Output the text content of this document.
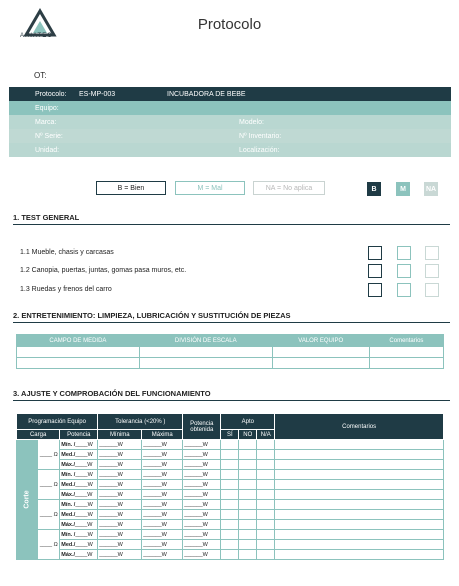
AINATEC
Protocolo
OT:
Protocolo: ES-MP-003	INCUBADORA DE BEBE
Equipo:
Marca:	Modelo:
Nº Serie:	Nº Inventario:
Unidad:	Localización:
B = Bien	M = Mal	NA = No aplica	B	M	NA
1. TEST GENERAL
1.1 Mueble, chasis y carcasas
1.2 Canopia, puertas, juntas, gomas pasa muros, etc.
1.3 Ruedas y frenos del carro
2. ENTRETENIMIENTO: LIMPIEZA, LUBRICACIÓN Y SUSTITUCIÓN DE PIEZAS
CAMPO DE MEDIDA	DIVISIÓN DE ESCALA	VALOR EQUIPO	Comentarios

3. AJUSTE Y COMPROBACIÓN DEL FUNCIONAMIENTO
Programación Equipo			Tolerancia (<20% )		Potencia obtenida	Apto			Comentarios
Carga		Potencia	Mínima	Máxima		SÍ	NO	N/A	
Corte	____ Ω	Mín. /____W	______W	______W	______W				
		Med./____W	______W	______W	______W				
		Máx./____W	______W	______W	______W				
	____ Ω	Mín. /____W	______W	______W	______W				
		Med./____W	______W	______W	______W				
		Máx./____W	______W	______W	______W				
	____ Ω	Mín. /____W	______W	______W	______W				
		Med./____W	______W	______W	______W				
		Máx./____W	______W	______W	______W				
	____ Ω	Mín. /____W	______W	______W	______W				
		Med./____W	______W	______W	______W				
		Máx./____W	______W	______W	______W				
